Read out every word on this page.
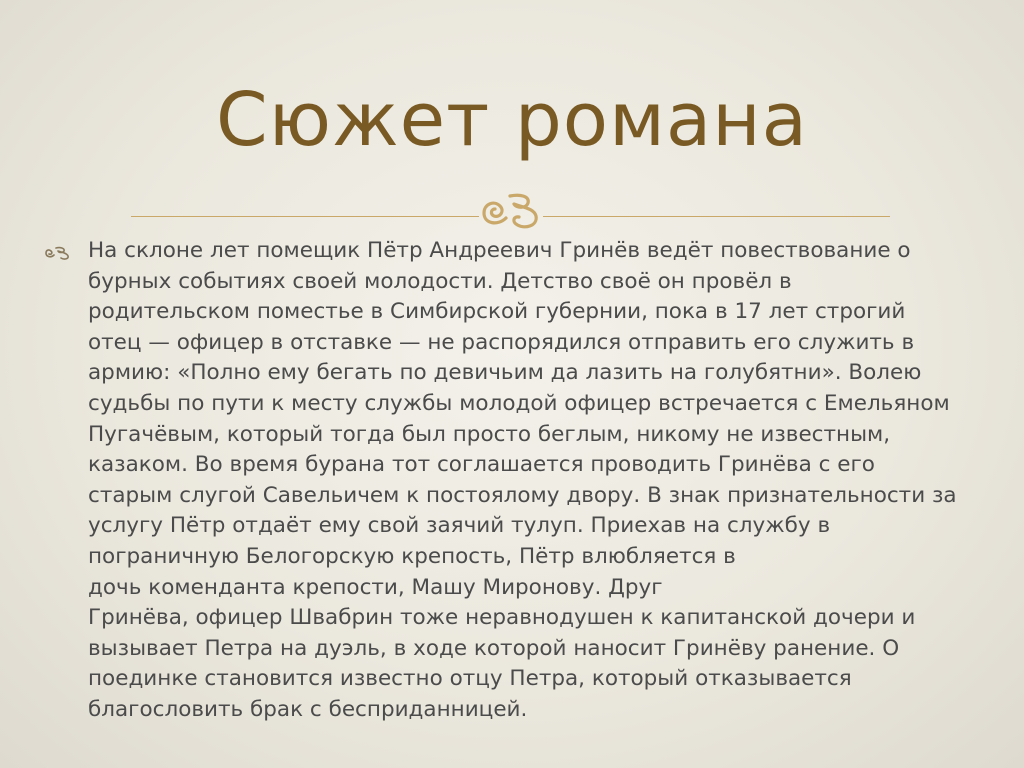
Сюжет романа

На склоне лет помещик Пётр Андреевич Гринёв ведёт повествование о
бурных событиях своей молодости. Детство своё он провёл в
родительском поместье в Симбирской губернии, пока в 17 лет строгий
отец — офицер в отставке — не распорядился отправить его служить в
армию: «Полно ему бегать по девичьим да лазить на голубятни». Волею
судьбы по пути к месту службы молодой офицер встречается с Емельяном
Пугачёвым, который тогда был просто беглым, никому не известным,
казаком. Во время бурана тот соглашается проводить Гринёва с его
старым слугой Савельичем к постоялому двору. В знак признательности за
услугу Пётр отдаёт ему свой заячий тулуп. Приехав на службу в
пограничную Белогорскую крепость, Пётр влюбляется в
дочь коменданта крепости, Машу Миронову. Друг
Гринёва, офицер Швабрин тоже неравнодушен к капитанской дочери и
вызывает Петра на дуэль, в ходе которой наносит Гринёву ранение. О
поединке становится известно отцу Петра, который отказывается
благословить брак с бесприданницей.
